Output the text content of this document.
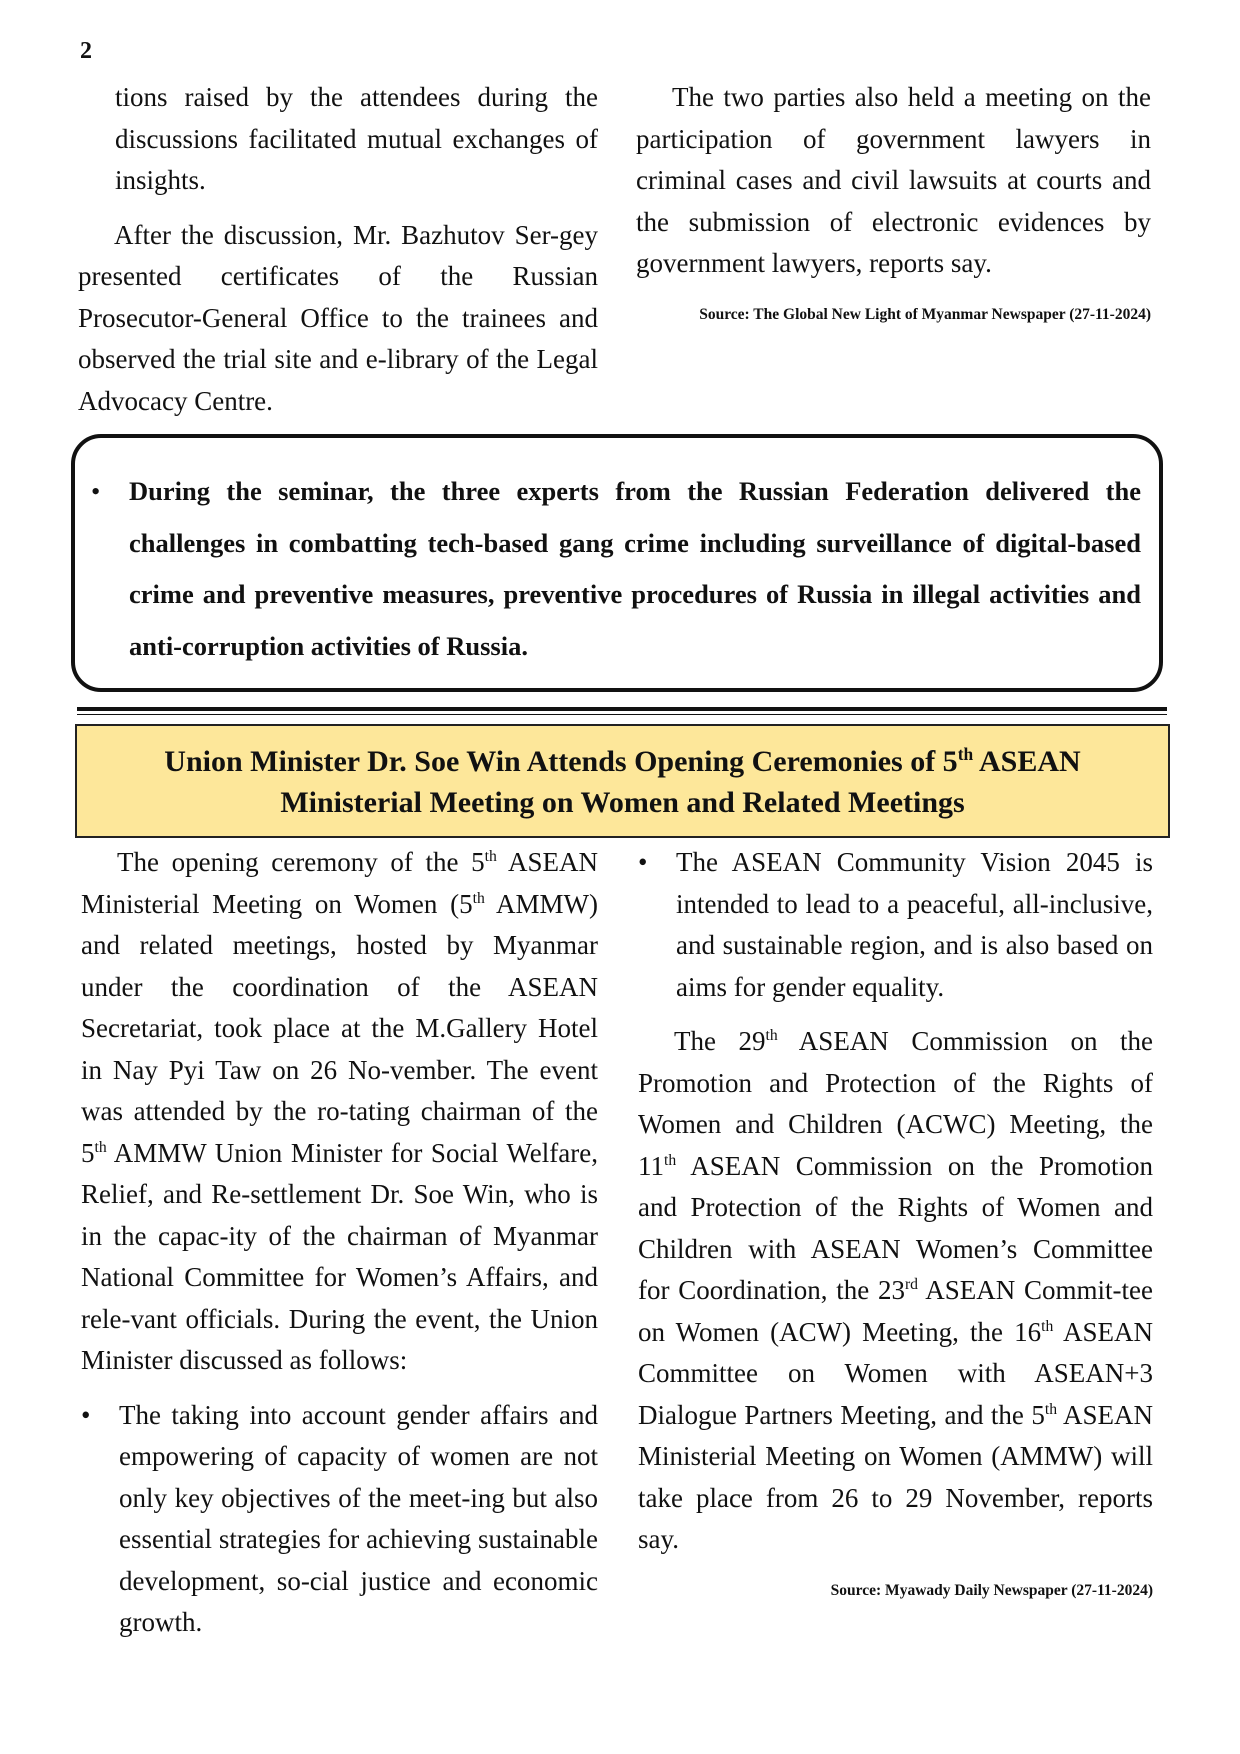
2

tions raised by the attendees during the discussions facilitated mutual exchanges of insights.

After the discussion, Mr. Bazhutov Ser-gey presented certificates of the Russian Prosecutor-General Office to the trainees and observed the trial site and e-library of the Legal Advocacy Centre.

The two parties also held a meeting on the participation of government lawyers in criminal cases and civil lawsuits at courts and the submission of electronic evidences by government lawyers, reports say.

Source: The Global New Light of Myanmar Newspaper (27-11-2024)
• During the seminar, the three experts from the Russian Federation delivered the challenges in combatting tech-based gang crime including surveillance of digital-based crime and preventive measures, preventive procedures of Russia in illegal activities and anti-corruption activities of Russia.
Union Minister Dr. Soe Win Attends Opening Ceremonies of 5th ASEAN
Ministerial Meeting on Women and Related Meetings

The opening ceremony of the 5th ASEAN Ministerial Meeting on Women (5th AMMW) and related meetings, hosted by Myanmar under the coordination of the ASEAN Secretariat, took place at the M.Gallery Hotel in Nay Pyi Taw on 26 No-vember. The event was attended by the ro-tating chairman of the 5th AMMW Union Minister for Social Welfare, Relief, and Re-settlement Dr. Soe Win, who is in the capac-ity of the chairman of Myanmar National Committee for Women’s Affairs, and rele-vant officials. During the event, the Union Minister discussed as follows:

• The taking into account gender affairs and empowering of capacity of women are not only key objectives of the meet-ing but also essential strategies for achieving sustainable development, so-cial justice and economic growth.
• The ASEAN Community Vision 2045 is intended to lead to a peaceful, all-inclusive, and sustainable region, and is also based on aims for gender equality.

The 29th ASEAN Commission on the Promotion and Protection of the Rights of Women and Children (ACWC) Meeting, the 11th ASEAN Commission on the Promotion and Protection of the Rights of Women and Children with ASEAN Women’s Committee for Coordination, the 23rd ASEAN Commit-tee on Women (ACW) Meeting, the 16th ASEAN Committee on Women with ASEAN+3 Dialogue Partners Meeting, and the 5th ASEAN Ministerial Meeting on Women (AMMW) will take place from 26 to 29 November, reports say.

Source: Myawady Daily Newspaper (27-11-2024)
